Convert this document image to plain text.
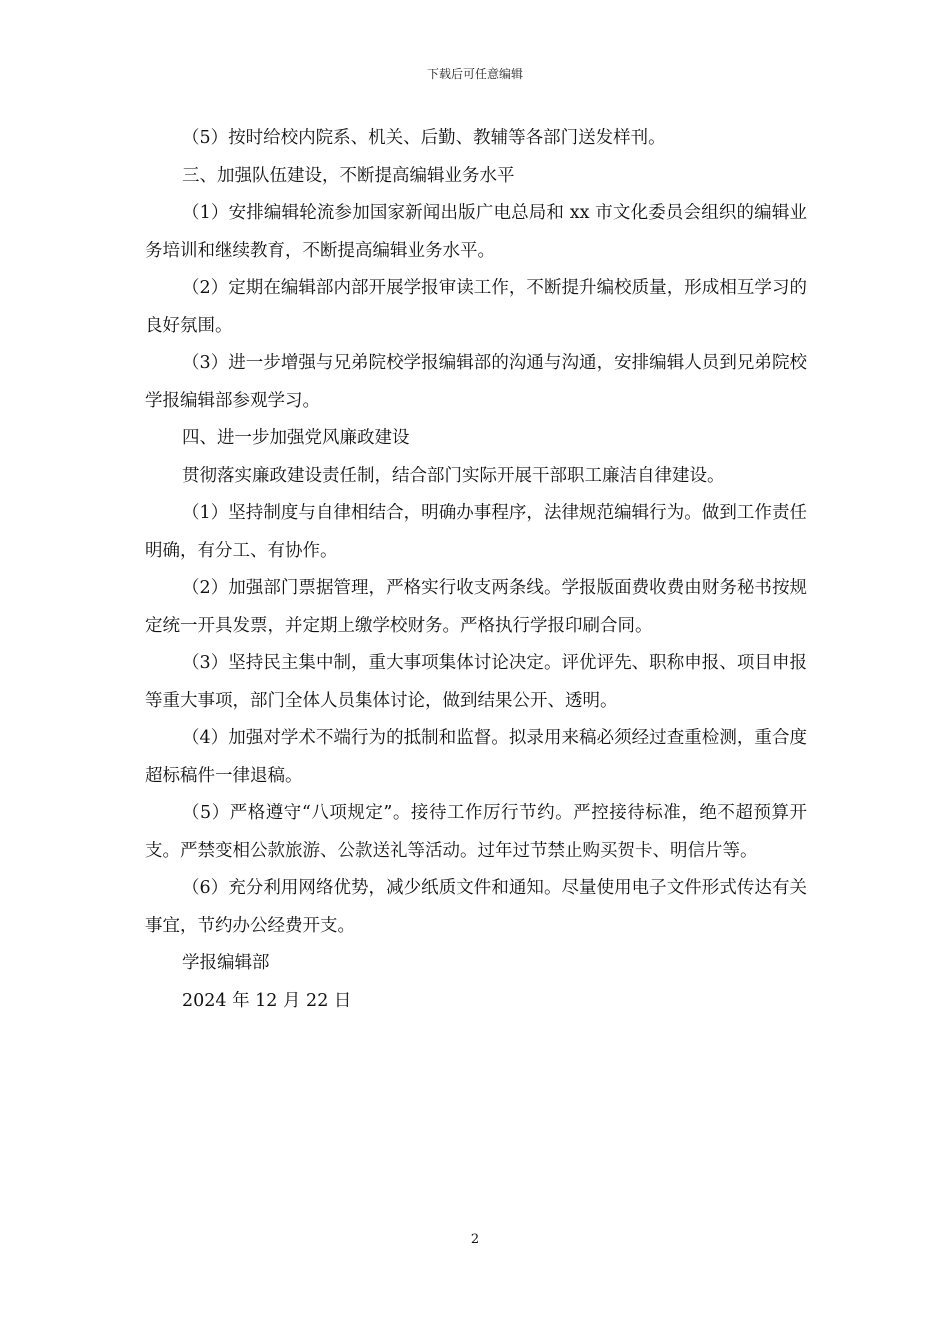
下载后可任意编辑

（5）按时给校内院系、机关、后勤、教辅等各部门送发样刊。

三、加强队伍建设，不断提高编辑业务水平

（1）安排编辑轮流参加国家新闻出版广电总局和 xx 市文化委员会组织的编辑业务培训和继续教育，不断提高编辑业务水平。

（2）定期在编辑部内部开展学报审读工作，不断提升编校质量，形成相互学习的良好氛围。

（3）进一步增强与兄弟院校学报编辑部的沟通与沟通，安排编辑人员到兄弟院校学报编辑部参观学习。

四、进一步加强党风廉政建设

贯彻落实廉政建设责任制，结合部门实际开展干部职工廉洁自律建设。

（1）坚持制度与自律相结合，明确办事程序，法律规范编辑行为。做到工作责任明确，有分工、有协作。

（2）加强部门票据管理，严格实行收支两条线。学报版面费收费由财务秘书按规定统一开具发票，并定期上缴学校财务。严格执行学报印刷合同。

（3）坚持民主集中制，重大事项集体讨论决定。评优评先、职称申报、项目申报等重大事项，部门全体人员集体讨论，做到结果公开、透明。

（4）加强对学术不端行为的抵制和监督。拟录用来稿必须经过查重检测，重合度超标稿件一律退稿。

（5）严格遵守“八项规定”。接待工作厉行节约。严控接待标准，绝不超预算开支。严禁变相公款旅游、公款送礼等活动。过年过节禁止购买贺卡、明信片等。

（6）充分利用网络优势，减少纸质文件和通知。尽量使用电子文件形式传达有关事宜，节约办公经费开支。

学报编辑部

2024 年 12 月 22 日

2
